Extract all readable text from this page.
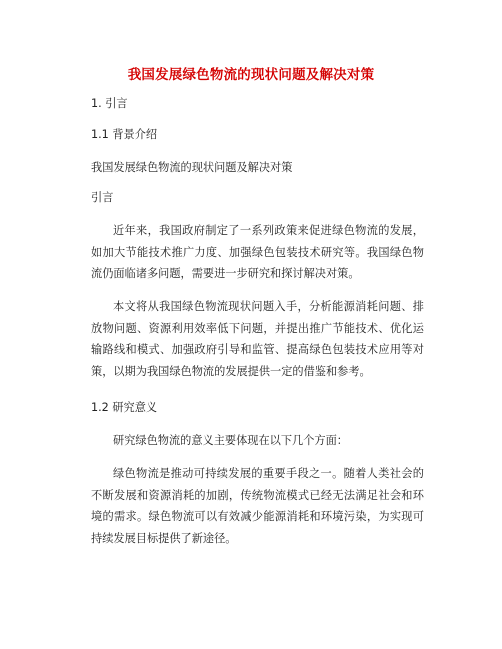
我国发展绿色物流的现状问题及解决对策

1. 引言

1.1 背景介绍

我国发展绿色物流的现状问题及解决对策

引言

近年来，我国政府制定了一系列政策来促进绿色物流的发展，如加大节能技术推广力度、加强绿色包装技术研究等。我国绿色物流仍面临诸多问题，需要进一步研究和探讨解决对策。

本文将从我国绿色物流现状问题入手，分析能源消耗问题、排放物问题、资源利用效率低下问题，并提出推广节能技术、优化运输路线和模式、加强政府引导和监管、提高绿色包装技术应用等对策，以期为我国绿色物流的发展提供一定的借鉴和参考。

1.2 研究意义

研究绿色物流的意义主要体现在以下几个方面：

绿色物流是推动可持续发展的重要手段之一。随着人类社会的不断发展和资源消耗的加剧，传统物流模式已经无法满足社会和环境的需求。绿色物流可以有效减少能源消耗和环境污染，为实现可持续发展目标提供了新途径。
